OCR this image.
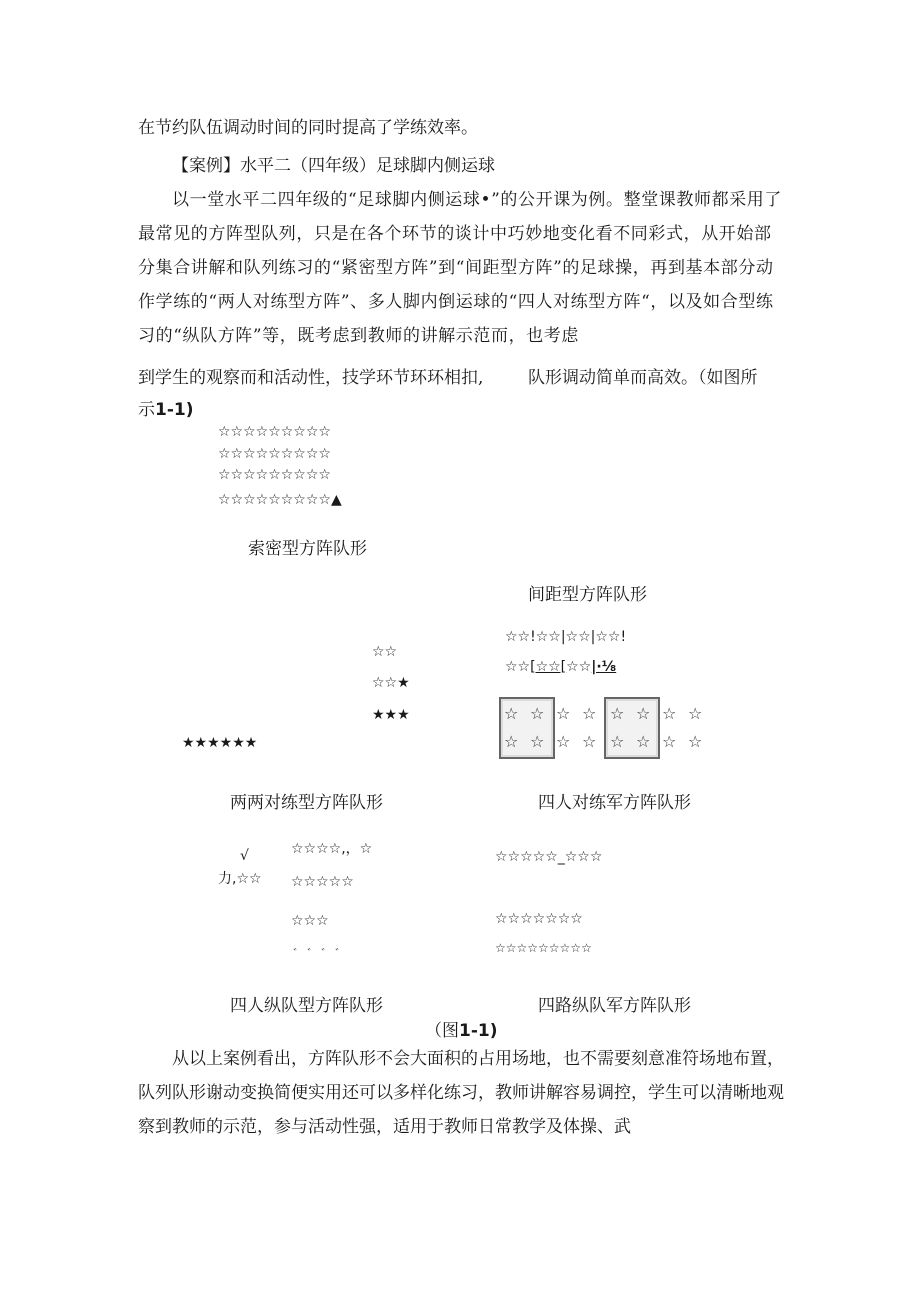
在节约队伍调动时间的同时提高了学练效率。
【案例】水平二（四年级）足球脚内侧运球
以一堂水平二四年级的“足球脚内侧运球•”的公开课为例。整堂课教师都采用了最常见的方阵型队列，只是在各个环节的谈计中巧妙地变化看不同彩式，从开始部分集合讲解和队列练习的“紧密型方阵”到“间距型方阵”的足球操，再到基本部分动作学练的“两人对练型方阵”、多人脚内倒运球的“四人对练型方阵“，以及如合型练习的“纵队方阵”等，既考虑到教师的讲解示范而，也考虑
到学生的观察而和活动性，技学环节环环相扣,	队形调动简单而高效。（如图所
示1-1)
☆☆☆☆☆☆☆☆☆
☆☆☆☆☆☆☆☆☆
☆☆☆☆☆☆☆☆☆
☆☆☆☆☆☆☆☆☆▲
索密型方阵队形
间距型方阵队形
☆☆!☆☆|☆☆|☆☆!
☆☆[☆☆[☆☆|·⅛
☆☆
☆☆★
★★★
★★★★★★
☆ ☆ ☆ ☆ ☆ ☆ ☆ ☆
☆ ☆ ☆ ☆ ☆ ☆ ☆ ☆
两两对练型方阵队形	四人对练军方阵队形
√
力,☆☆
☆☆☆☆,，☆
☆☆☆☆☆
☆☆☆
゛゛゛゛
☆☆☆☆☆_☆☆☆
☆☆☆☆☆☆☆
☆☆☆☆☆☆☆☆☆
四人纵队型方阵队形	四路纵队军方阵队形
（图1-1)
从以上案例看出，方阵队形不会大面积的占用场地，也不需要刻意准符场地布置，队列队形谢动变换简便实用还可以多样化练习，教师讲解容易调控，学生可以清晰地观察到教师的示范，参与活动性强，适用于教师日常教学及体操、武
